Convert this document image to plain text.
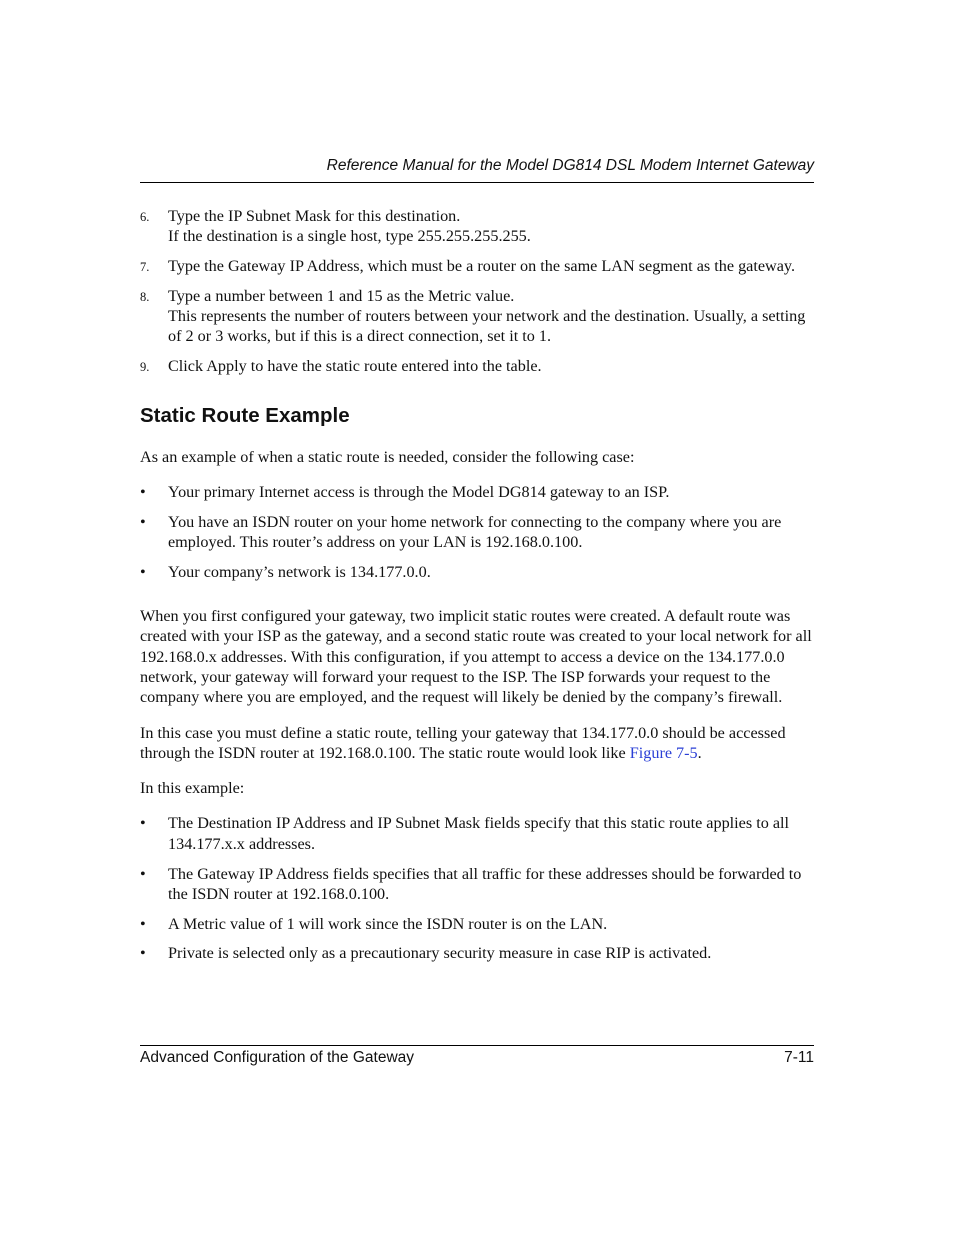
Reference Manual for the Model DG814 DSL Modem Internet Gateway
6. Type the IP Subnet Mask for this destination.
If the destination is a single host, type 255.255.255.255.
7. Type the Gateway IP Address, which must be a router on the same LAN segment as the gateway.
8. Type a number between 1 and 15 as the Metric value.
This represents the number of routers between your network and the destination. Usually, a setting of 2 or 3 works, but if this is a direct connection, set it to 1.
9. Click Apply to have the static route entered into the table.
Static Route Example

As an example of when a static route is needed, consider the following case:

• Your primary Internet access is through the Model DG814 gateway to an ISP.
• You have an ISDN router on your home network for connecting to the company where you are employed. This router’s address on your LAN is 192.168.0.100.
• Your company’s network is 134.177.0.0.

When you first configured your gateway, two implicit static routes were created. A default route was created with your ISP as the gateway, and a second static route was created to your local network for all 192.168.0.x addresses. With this configuration, if you attempt to access a device on the 134.177.0.0 network, your gateway will forward your request to the ISP. The ISP forwards your request to the company where you are employed, and the request will likely be denied by the company’s firewall.

In this case you must define a static route, telling your gateway that 134.177.0.0 should be accessed through the ISDN router at 192.168.0.100. The static route would look like Figure 7-5.

In this example:

• The Destination IP Address and IP Subnet Mask fields specify that this static route applies to all 134.177.x.x addresses.
• The Gateway IP Address fields specifies that all traffic for these addresses should be forwarded to the ISDN router at 192.168.0.100.
• A Metric value of 1 will work since the ISDN router is on the LAN.
• Private is selected only as a precautionary security measure in case RIP is activated.
Advanced Configuration of the Gateway	7-11
